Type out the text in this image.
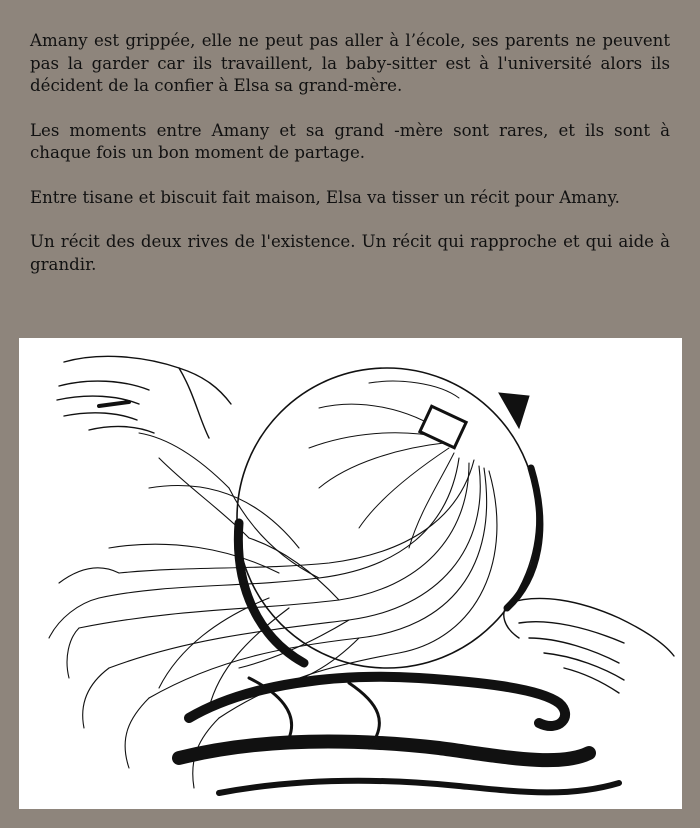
Amany est grippée, elle ne peut pas aller à l’école, ses parents ne peuvent pas la garder car ils travaillent, la baby-sitter est à l'université alors ils décident de la confier à Elsa sa grand-mère.

Les moments entre Amany et sa grand -mère sont rares, et ils sont à chaque fois un bon moment de partage.

Entre tisane et biscuit fait maison, Elsa va tisser un récit pour Amany.

Un récit des deux rives de l'existence. Un récit qui rapproche et qui aide à grandir.
